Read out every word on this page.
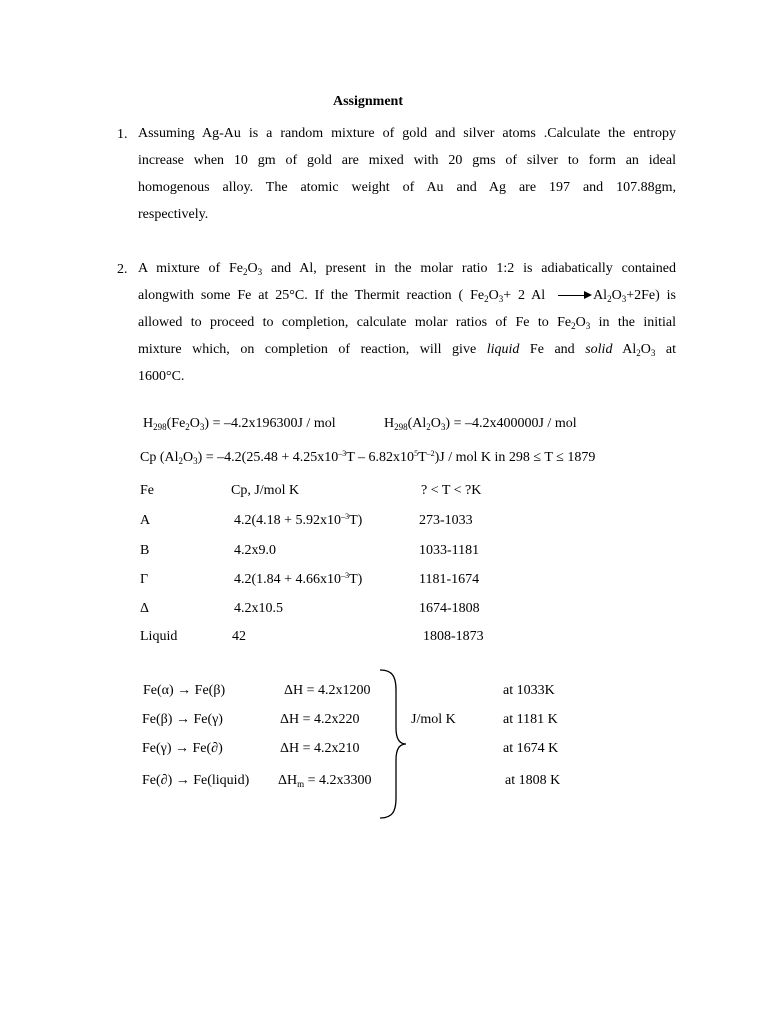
Assignment
1. Assuming Ag-Au is a random mixture of gold and silver atoms .Calculate the entropy
increase when 10 gm of gold are mixed with 20 gms of silver to form an ideal
homogenous alloy. The atomic weight of Au and Ag are 197 and 107.88gm,
respectively.
2. A mixture of $Fe_2O_3$ and Al, present in the molar ratio 1:2 is adiabatically contained
alongwith some Fe at 25°C. If the Thermit reaction ( $Fe_2O_3+ 2$ Al	$Al_2O_3+2Fe$) is
allowed to proceed to completion, calculate molar ratios of Fe to $Fe_2O_3$ in the initial
mixture which, on completion of reaction, will give liquid Fe and solid $Al_2O_3$ at
1600°C.
$H_{298}(Fe_2O_3) = -4.2x196300J$ / mol	$H_{298}(Al_2O_3) = -4.2x400000J$ / mol
Cp $(Al_2O_3) = -4.2(25.48 + 4.25x10^{-3}T - 6.82x10^5T^{-2})J$ / mol K in 298 ≤ T ≤ 1879
Fe	Cp, J/mol K	? < T < ?K
Α	$4.2(4.18 + 5.92x10^{-3}T)$	273-1033
Β	4.2x9.0	1033-1181
Γ	$4.2(1.84 + 4.66x10^{-3}T)$	1181-1674
Δ	4.2x10.5	1674-1808
Liquid	42	1808-1873
Fe(α) → Fe(β)	ΔH = 4.2x1200	at 1033K
Fe(β) → Fe(γ)	ΔH = 4.2x220	J/mol K	at 1181 K
Fe(γ) → Fe(∂)	ΔH = 4.2x210	at 1674 K
Fe(∂) → Fe(liquid) $\Delta H_m = 4.2x3300$	at 1808 K
